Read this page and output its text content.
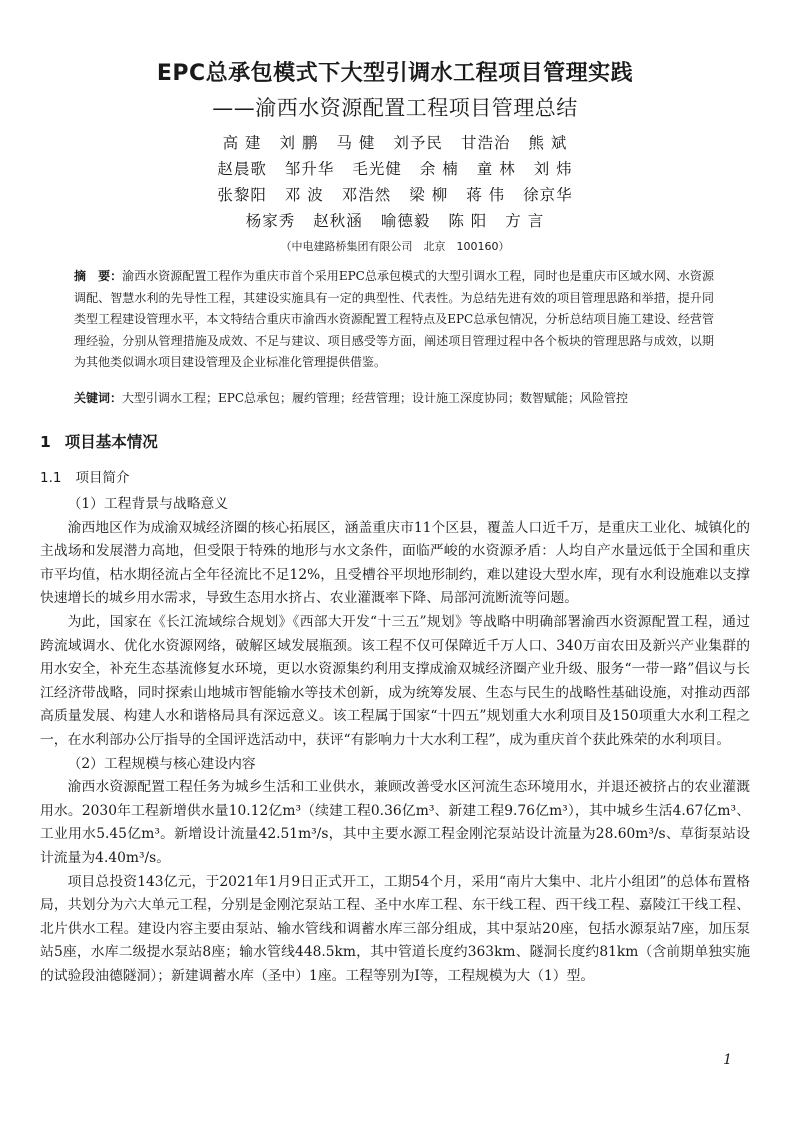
EPC总承包模式下大型引调水工程项目管理实践
——渝西水资源配置工程项目管理总结
高 建 刘 鹏 马 健 刘予民 甘浩治 熊 斌
赵晨歌 邹升华 毛光健 余 楠 童 林 刘 炜
张黎阳 邓 波 邓浩然 梁 柳 蒋 伟 徐京华
杨家秀 赵秋涵 喻德毅 陈 阳 方 言
（中电建路桥集团有限公司　北京　100160）
摘　要：渝西水资源配置工程作为重庆市首个采用EPC总承包模式的大型引调水工程，同时也是重庆市区域水网、水资源调配、智慧水利的先导性工程，其建设实施具有一定的典型性、代表性。为总结先进有效的项目管理思路和举措，提升同类型工程建设管理水平，本文特结合重庆市渝西水资源配置工程特点及EPC总承包情况，分析总结项目施工建设、经营管理经验，分别从管理措施及成效、不足与建议、项目感受等方面，阐述项目管理过程中各个板块的管理思路与成效，以期为其他类似调水项目建设管理及企业标准化管理提供借鉴。
关键词：大型引调水工程；EPC总承包；履约管理；经营管理；设计施工深度协同；数智赋能；风险管控
1 项目基本情况
1.1 项目简介

（1）工程背景与战略意义

渝西地区作为成渝双城经济圈的核心拓展区，涵盖重庆市11个区县，覆盖人口近千万，是重庆工业化、城镇化的主战场和发展潜力高地，但受限于特殊的地形与水文条件，面临严峻的水资源矛盾：人均自产水量远低于全国和重庆市平均值，枯水期径流占全年径流比不足12%，且受槽谷平坝地形制约，难以建设大型水库，现有水利设施难以支撑快速增长的城乡用水需求，导致生态用水挤占、农业灌溉率下降、局部河流断流等问题。

为此，国家在《长江流域综合规划》《西部大开发“十三五”规划》等战略中明确部署渝西水资源配置工程，通过跨流域调水、优化水资源网络，破解区域发展瓶颈。该工程不仅可保障近千万人口、340万亩农田及新兴产业集群的用水安全，补充生态基流修复水环境，更以水资源集约利用支撑成渝双城经济圈产业升级、服务“一带一路”倡议与长江经济带战略，同时探索山地城市智能输水等技术创新，成为统筹发展、生态与民生的战略性基础设施，对推动西部高质量发展、构建人水和谐格局具有深远意义。该工程属于国家“十四五”规划重大水利项目及150项重大水利工程之一，在水利部办公厅指导的全国评选活动中，获评“有影响力十大水利工程”，成为重庆首个获此殊荣的水利项目。

（2）工程规模与核心建设内容

渝西水资源配置工程任务为城乡生活和工业供水，兼顾改善受水区河流生态环境用水，并退还被挤占的农业灌溉用水。2030年工程新增供水量10.12亿m³（续建工程0.36亿m³、新建工程9.76亿m³），其中城乡生活4.67亿m³、工业用水5.45亿m³。新增设计流量42.51m³/s，其中主要水源工程金刚沱泵站设计流量为28.60m³/s、草街泵站设计流量为4.40m³/s。

项目总投资143亿元，于2021年1月9日正式开工，工期54个月，采用“南片大集中、北片小组团”的总体布置格局，共划分为六大单元工程，分别是金刚沱泵站工程、圣中水库工程、东干线工程、西干线工程、嘉陵江干线工程、北片供水工程。建设内容主要由泵站、输水管线和调蓄水库三部分组成，其中泵站20座，包括水源泵站7座，加压泵站5座，水库二级提水泵站8座；输水管线448.5km，其中管道长度约363km、隧洞长度约81km（含前期单独实施的试验段油德隧洞）；新建调蓄水库（圣中）1座。工程等别为Ⅰ等，工程规模为大（1）型。

1
